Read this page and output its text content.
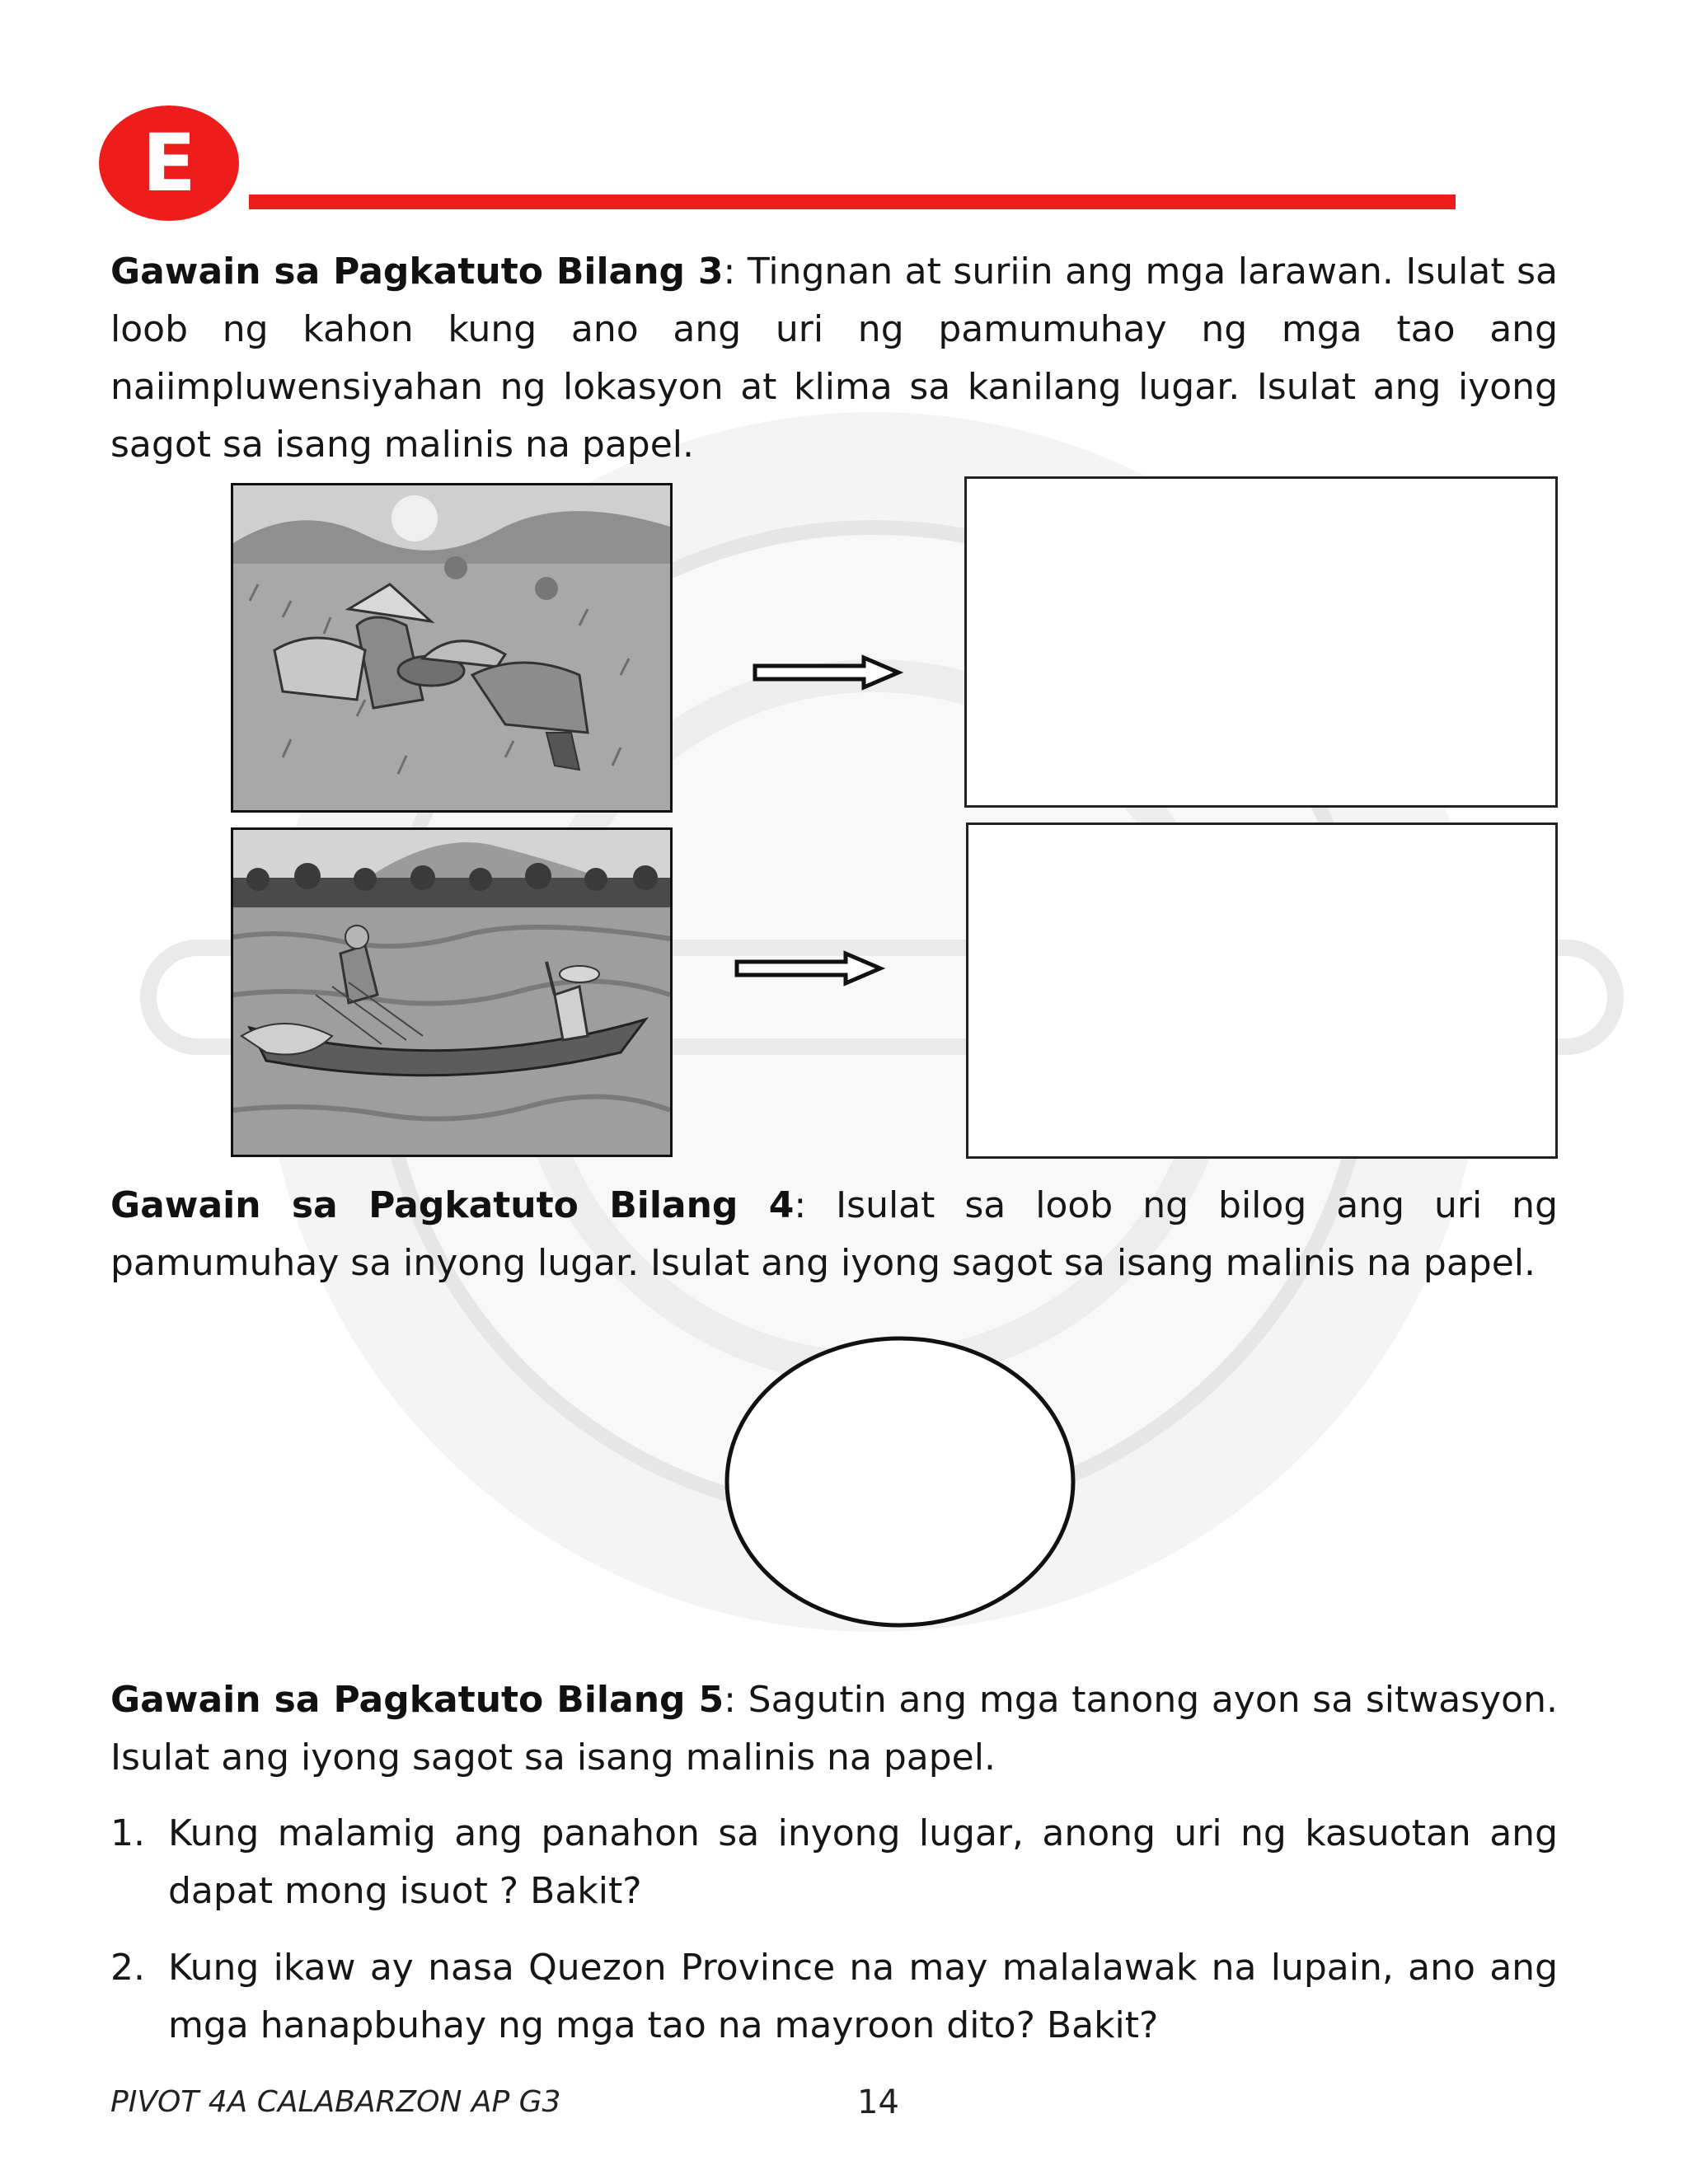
E
Gawain sa Pagkatuto Bilang 3: Tingnan at suriin ang mga larawan. Isulat sa loob ng kahon kung ano ang uri ng pamumuhay ng mga tao ang naiimpluwensiyahan ng lokasyon at klima sa kanilang lugar. Isulat ang iyong sagot sa isang malinis na papel.
Gawain sa Pagkatuto Bilang 4: Isulat sa loob ng bilog ang uri ng pamumuhay sa inyong lugar. Isulat ang iyong sagot sa isang malinis na papel.
Gawain sa Pagkatuto Bilang 5: Sagutin ang mga tanong ayon sa sitwasyon. Isulat ang iyong sagot sa isang malinis na papel.
1. Kung malamig ang panahon sa inyong lugar, anong uri ng kasuotan ang dapat mong isuot ? Bakit?
2. Kung ikaw ay nasa Quezon Province na may malalawak na lupain, ano ang mga hanapbuhay ng mga tao na mayroon dito? Bakit?
PIVOT 4A CALABARZON AP G3	14
